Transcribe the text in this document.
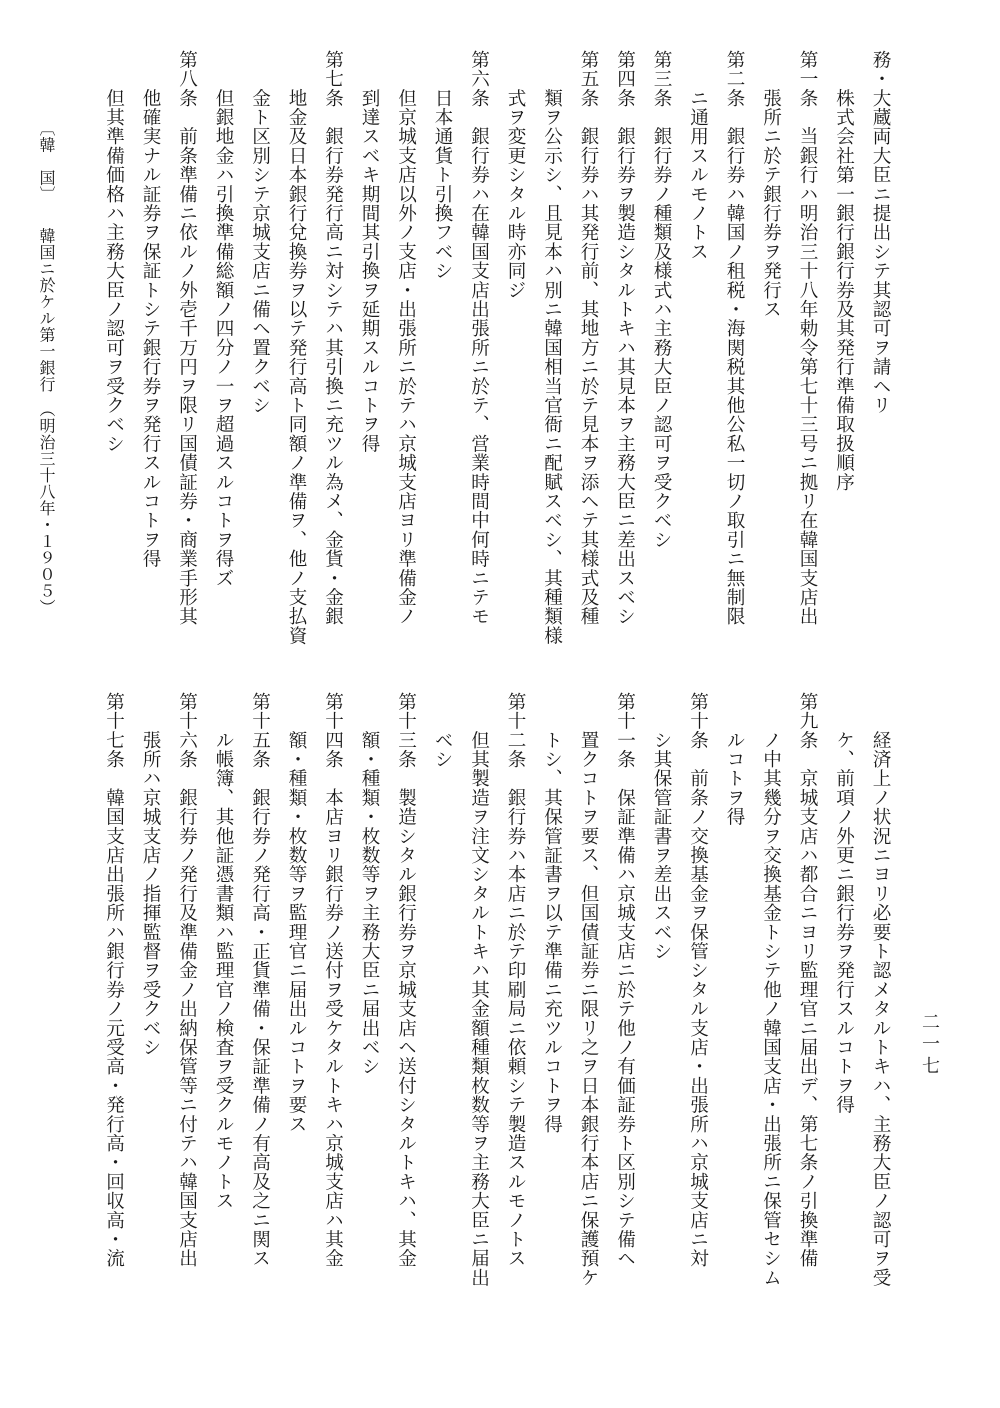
務・大蔵両大臣ニ提出シテ其認可ヲ請ヘリ
　　株式会社第一銀行銀行券及其発行準備取扱順序
第一条　当銀行ハ明治三十八年勅令第七十三号ニ拠リ在韓国支店出
　　張所ニ於テ銀行券ヲ発行ス
第二条　銀行券ハ韓国ノ租税・海関税其他公私一切ノ取引ニ無制限
　　ニ通用スルモノトス
第三条　銀行券ノ種類及様式ハ主務大臣ノ認可ヲ受クベシ
第四条　銀行券ヲ製造シタルトキハ其見本ヲ主務大臣ニ差出スベシ
第五条　銀行券ハ其発行前、其地方ニ於テ見本ヲ添ヘテ其様式及種
　　類ヲ公示シ、且見本ハ別ニ韓国相当官衙ニ配賦スベシ、其種類様
　　式ヲ変更シタル時亦同ジ
第六条　銀行券ハ在韓国支店出張所ニ於テ、営業時間中何時ニテモ
　　日本通貨ト引換フベシ
　　但京城支店以外ノ支店・出張所ニ於テハ京城支店ヨリ準備金ノ
　　到達スベキ期間其引換ヲ延期スルコトヲ得
第七条　銀行券発行高ニ対シテハ其引換ニ充ツル為メ、金貨・金銀
　　地金及日本銀行兌換券ヲ以テ発行高ト同額ノ準備ヲ、他ノ支払資
　　金ト区別シテ京城支店ニ備ヘ置クベシ
　　但銀地金ハ引換準備総額ノ四分ノ一ヲ超過スルコトヲ得ズ
第八条　前条準備ニ依ルノ外壱千万円ヲ限リ国債証券・商業手形其
　　他確実ナル証券ヲ保証トシテ銀行券ヲ発行スルコトヲ得
　　但其準備価格ハ主務大臣ノ認可ヲ受クベシ
　　経済上ノ状況ニヨリ必要ト認メタルトキハ、主務大臣ノ認可ヲ受
　　ケ、前項ノ外更ニ銀行券ヲ発行スルコトヲ得
第九条　京城支店ハ都合ニヨリ監理官ニ届出デ、第七条ノ引換準備
　　ノ中其幾分ヲ交換基金トシテ他ノ韓国支店・出張所ニ保管セシム
　　ルコトヲ得
第十条　前条ノ交換基金ヲ保管シタル支店・出張所ハ京城支店ニ対
　　シ其保管証書ヲ差出スベシ
第十一条　保証準備ハ京城支店ニ於テ他ノ有価証券ト区別シテ備ヘ
　　置クコトヲ要ス、但国債証券ニ限リ之ヲ日本銀行本店ニ保護預ケ
　　トシ、其保管証書ヲ以テ準備ニ充ツルコトヲ得
第十二条　銀行券ハ本店ニ於テ印刷局ニ依頼シテ製造スルモノトス
　　但其製造ヲ注文シタルトキハ其金額種類枚数等ヲ主務大臣ニ届出
　　ベシ
第十三条　製造シタル銀行券ヲ京城支店ヘ送付シタルトキハ、其金
　　額・種類・枚数等ヲ主務大臣ニ届出ベシ
第十四条　本店ヨリ銀行券ノ送付ヲ受ケタルトキハ京城支店ハ其金
　　額・種類・枚数等ヲ監理官ニ届出ルコトヲ要ス
第十五条　銀行券ノ発行高・正貨準備・保証準備ノ有高及之ニ関ス
　　ル帳簿、其他証憑書類ハ監理官ノ検査ヲ受クルモノトス
第十六条　銀行券ノ発行及準備金ノ出納保管等ニ付テハ韓国支店出
　　張所ハ京城支店ノ指揮監督ヲ受クベシ
第十七条　韓国支店出張所ハ銀行券ノ元受高・発行高・回収高・流
〔韓　国〕　　韓国ニ於ケル第一銀行　（明治三十八年・１９０５）
二一七
